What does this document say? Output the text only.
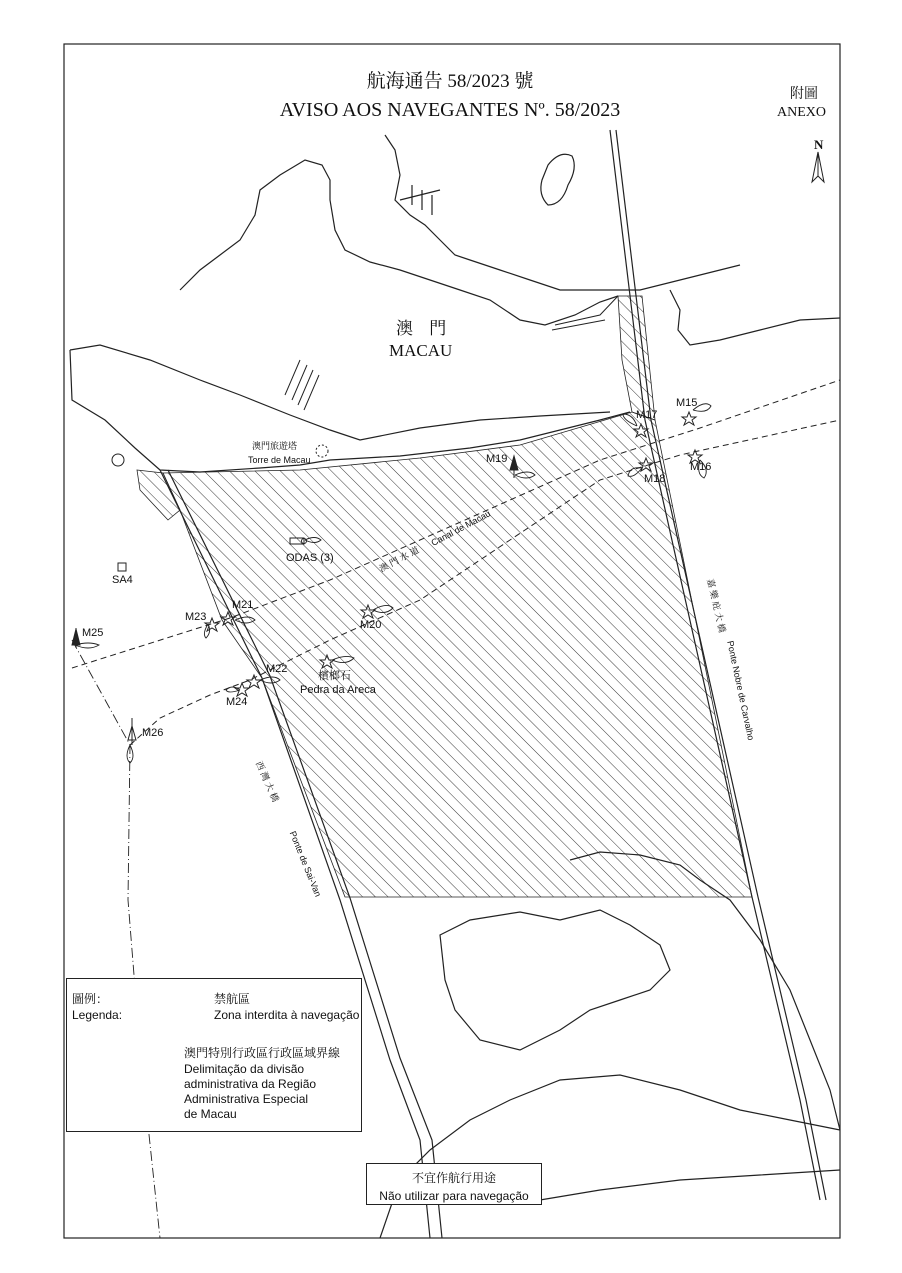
航海通告 58/2023 號
AVISO AOS NAVEGANTES Nº. 58/2023
附圖
ANEXO
N
澳 門
MACAU
澳門旅遊塔
Torre de Macau
ODAS (3)
SA4
檳榔石
Pedra da Areca
澳 門 水 道
Canal de Macau
西 灣 大 橋
Ponte de Sai-Van
嘉 樂 庇 大 橋
Ponte Nobre de Carvalho
M15
M16
M17
M18
M19
M20
M21
M22
M23
M24
M25
M26
圖例：
Legenda:
禁航區
Zona interdita à navegação
澳門特別行政區行政區域界線
Delimitação da divisão
administrativa da Região
Administrativa Especial
de Macau
不宜作航行用途
Não utilizar para navegação
